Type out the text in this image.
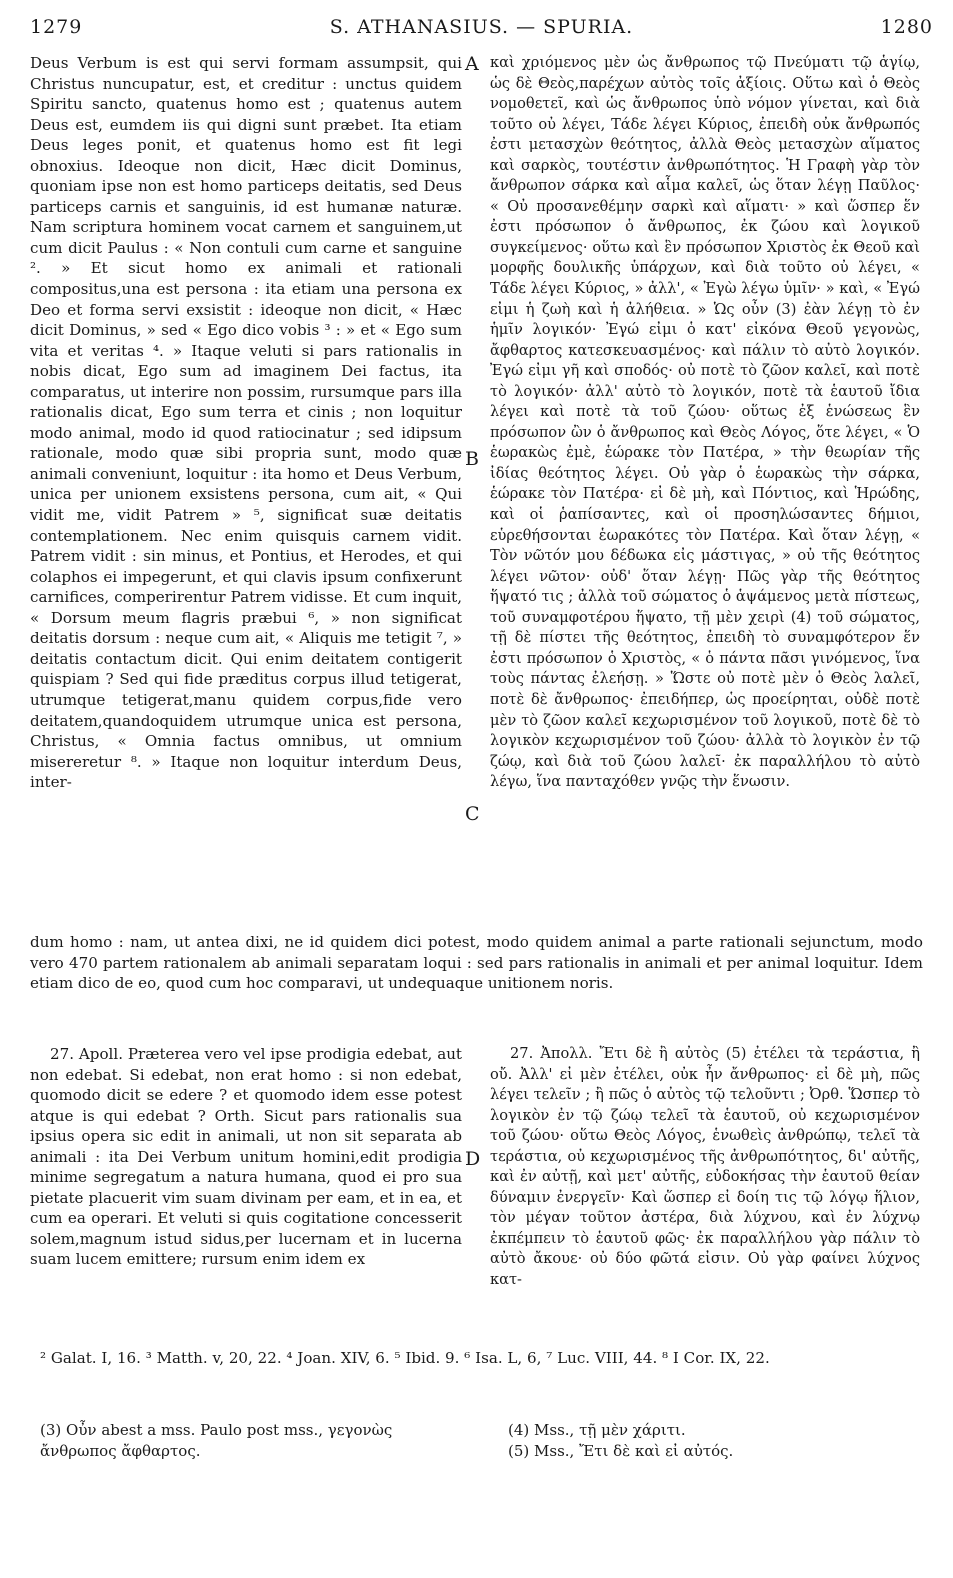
1279	S. ATHANASIUS. — SPURIA.	1280

Deus Verbum is est qui servi formam assumpsit, qui Christus nuncupatur, est, et creditur : unctus quidem Spiritu sancto, quatenus homo est ; quatenus autem Deus est, eumdem iis qui digni sunt præbet. Ita etiam Deus leges ponit, et quatenus homo est fit legi obnoxius. Ideoque non dicit, Hæc dicit Dominus, quoniam ipse non est homo particeps deitatis, sed Deus particeps carnis et sanguinis, id est humanæ naturæ. Nam scriptura hominem vocat carnem et sanguinem,ut cum dicit Paulus : « Non contuli cum carne et sanguine ². » Et sicut homo ex animali et rationali compositus,una est persona : ita etiam una persona ex Deo et forma servi exsistit : ideoque non dicit, « Hæc dicit Dominus, » sed « Ego dico vobis ³ : » et « Ego sum vita et veritas ⁴. » Itaque veluti si pars rationalis in nobis dicat, Ego sum ad imaginem Dei factus, ita comparatus, ut interire non possim, rursumque pars illa rationalis dicat, Ego sum terra et cinis ; non loquitur modo animal, modo id quod ratiocinatur ; sed idipsum rationale, modo quæ sibi propria sunt, modo quæ animali conveniunt, loquitur : ita homo et Deus Verbum, unica per unionem exsistens persona, cum ait, « Qui vidit me, vidit Patrem » ⁵, significat suæ deitatis contemplationem. Nec enim quisquis carnem vidit. Patrem vidit : sin minus, et Pontius, et Herodes, et qui colaphos ei impegerunt, et qui clavis ipsum confixerunt carnifices, comperirentur Patrem vidisse. Et cum inquit, « Dorsum meum flagris præbui ⁶, » non significat deitatis dorsum : neque cum ait, « Aliquis me tetigit ⁷, » deitatis contactum dicit. Qui enim deitatem contigerit quispiam ? Sed qui fide præditus corpus illud tetigerat, utrumque tetigerat,manu quidem corpus,fide vero deitatem,quandoquidem utrumque unica est persona, Christus, « Omnia factus omnibus, ut omnium misereretur ⁸. » Itaque non loquitur interdum Deus, inter-

A
B
C
D

καὶ χριόμενος μὲν ὡς ἄνθρωπος τῷ Πνεύματι τῷ ἁγίῳ, ὡς δὲ Θεὸς,παρέχων αὐτὸς τοῖς ἀξίοις. Οὕτω καὶ ὁ Θεὸς νομοθετεῖ, καὶ ὡς ἄνθρωπος ὑπὸ νόμον γίνεται, καὶ διὰ τοῦτο οὐ λέγει, Τάδε λέγει Κύριος, ἐπειδὴ οὐκ ἄνθρωπός ἐστι μετασχὼν θεότητος, ἀλλὰ Θεὸς μετασχὼν αἵματος καὶ σαρκὸς, τουτέστιν ἀνθρωπότητος. Ἡ Γραφὴ γὰρ τὸν ἄνθρωπον σάρκα καὶ αἷμα καλεῖ, ὡς ὅταν λέγῃ Παῦλος· « Οὐ προσανεθέμην σαρκὶ καὶ αἵματι· » καὶ ὥσπερ ἕν ἐστι πρόσωπον ὁ ἄνθρωπος, ἐκ ζώου καὶ λογικοῦ συγκείμενος· οὕτω καὶ ἓν πρόσωπον Χριστὸς ἐκ Θεοῦ καὶ μορφῆς δουλικῆς ὑπάρχων, καὶ διὰ τοῦτο οὐ λέγει, « Τάδε λέγει Κύριος, » ἀλλ', « Ἐγὼ λέγω ὑμῖν· » καὶ, « Ἐγώ εἰμι ἡ ζωὴ καὶ ἡ ἀλήθεια. » Ὡς οὖν (3) ἐὰν λέγῃ τὸ ἐν ἡμῖν λογικόν· Ἐγώ εἰμι ὁ κατ' εἰκόνα Θεοῦ γεγονὼς, ἄφθαρτος κατεσκευασμένος· καὶ πάλιν τὸ αὐτὸ λογικόν. Ἐγώ εἰμι γῆ καὶ σποδός· οὐ ποτὲ τὸ ζῶον καλεῖ, καὶ ποτὲ τὸ λογικόν· ἀλλ' αὐτὸ τὸ λογικόν, ποτὲ τὰ ἑαυτοῦ ἴδια λέγει καὶ ποτὲ τὰ τοῦ ζώου· οὕτως ἐξ ἑνώσεως ἓν πρόσωπον ὢν ὁ ἄνθρωπος καὶ Θεὸς Λόγος, ὅτε λέγει, « Ὁ ἑωρακὼς ἐμὲ, ἑώρακε τὸν Πατέρα, » τὴν θεωρίαν τῆς ἰδίας θεότητος λέγει. Οὐ γὰρ ὁ ἑωρακὼς τὴν σάρκα, ἑώρακε τὸν Πατέρα· εἰ δὲ μὴ, καὶ Πόντιος, καὶ Ἡρώδης, καὶ οἱ ῥαπίσαντες, καὶ οἱ προσηλώσαντες δήμιοι, εὑρεθήσονται ἑωρακότες τὸν Πατέρα. Καὶ ὅταν λέγῃ, « Τὸν νῶτόν μου δέδωκα εἰς μάστιγας, » οὐ τῆς θεότητος λέγει νῶτον· οὐδ' ὅταν λέγῃ· Πῶς γὰρ τῆς θεότητος ἥψατό τις ; ἀλλὰ τοῦ σώματος ὁ ἁψάμενος μετὰ πίστεως, τοῦ συναμφοτέρου ἥψατο, τῇ μὲν χειρὶ (4) τοῦ σώματος, τῇ δὲ πίστει τῆς θεότητος, ἐπειδὴ τὸ συναμφότερον ἕν ἐστι πρόσωπον ὁ Χριστὸς, « ὁ πάντα πᾶσι γινόμενος, ἵνα τοὺς πάντας ἐλεήσῃ. » Ὥστε οὐ ποτὲ μὲν ὁ Θεὸς λαλεῖ, ποτὲ δὲ ἄνθρωπος· ἐπειδήπερ, ὡς προείρηται, οὐδὲ ποτὲ μὲν τὸ ζῶον καλεῖ κεχωρισμένον τοῦ λογικοῦ, ποτὲ δὲ τὸ λογικὸν κεχωρισμένον τοῦ ζώου· ἀλλὰ τὸ λογικὸν ἐν τῷ ζώῳ, καὶ διὰ τοῦ ζώου λαλεῖ· ἐκ παραλλήλου τὸ αὐτὸ λέγω, ἵνα πανταχόθεν γνῷς τὴν ἕνωσιν.

dum homo : nam, ut antea dixi, ne id quidem dici potest, modo quidem animal a parte rationali sejunctum, modo vero 470 partem rationalem ab animali separatam loqui : sed pars rationalis in animali et per animal loquitur. Idem etiam dico de eo, quod cum hoc comparavi, ut undequaque unitionem noris.

27. Apoll. Præterea vero vel ipse prodigia edebat, aut non edebat. Si edebat, non erat homo : si non edebat, quomodo dicit se edere ? et quomodo idem esse potest atque is qui edebat ? Orth. Sicut pars rationalis sua ipsius opera sic edit in animali, ut non sit separata ab animali : ita Dei Verbum unitum homini,edit prodigia minime segregatum a natura humana, quod ei pro sua pietate placuerit vim suam divinam per eam, et in ea, et cum ea operari. Et veluti si quis cogitatione concesserit solem,magnum istud sidus,per lucernam et in lucerna suam lucem emittere; rursum enim idem ex

27. Ἀπολλ. Ἔτι δὲ ἢ αὐτὸς (5) ἐτέλει τὰ τεράστια, ἢ οὔ. Ἀλλ' εἰ μὲν ἐτέλει, οὐκ ἦν ἄνθρωπος· εἰ δὲ μὴ, πῶς λέγει τελεῖν ; ἢ πῶς ὁ αὐτὸς τῷ τελοῦντι ; Ὀρθ. Ὥσπερ τὸ λογικὸν ἐν τῷ ζώῳ τελεῖ τὰ ἑαυτοῦ, οὐ κεχωρισμένον τοῦ ζώου· οὕτω Θεὸς Λόγος, ἑνωθεὶς ἀνθρώπῳ, τελεῖ τὰ τεράστια, οὐ κεχωρισμένος τῆς ἀνθρωπότητος, δι' αὐτῆς, καὶ ἐν αὐτῇ, καὶ μετ' αὐτῆς, εὐδοκήσας τὴν ἑαυτοῦ θείαν δύναμιν ἐνεργεῖν· Καὶ ὥσπερ εἰ δοίη τις τῷ λόγῳ ἥλιον, τὸν μέγαν τοῦτον ἀστέρα, διὰ λύχνου, καὶ ἐν λύχνῳ ἐκπέμπειν τὸ ἑαυτοῦ φῶς· ἐκ παραλλήλου γὰρ πάλιν τὸ αὐτὸ ἄκουε· οὐ δύο φῶτά εἰσιν. Οὐ γὰρ φαίνει λύχνος κατ-

² Galat. I, 16. ³ Matth. v, 20, 22. ⁴ Joan. XIV, 6. ⁵ Ibid. 9. ⁶ Isa. L, 6, ⁷ Luc. VIII, 44. ⁸ I Cor. IX, 22.

(3) Οὖν abest a mss. Paulo post mss., γεγονὼς ἄνθρωπος ἄφθαρτος.

(4) Mss., τῇ μὲν χάριτι.

(5) Mss., Ἔτι δὲ καὶ εἰ αὐτός.
